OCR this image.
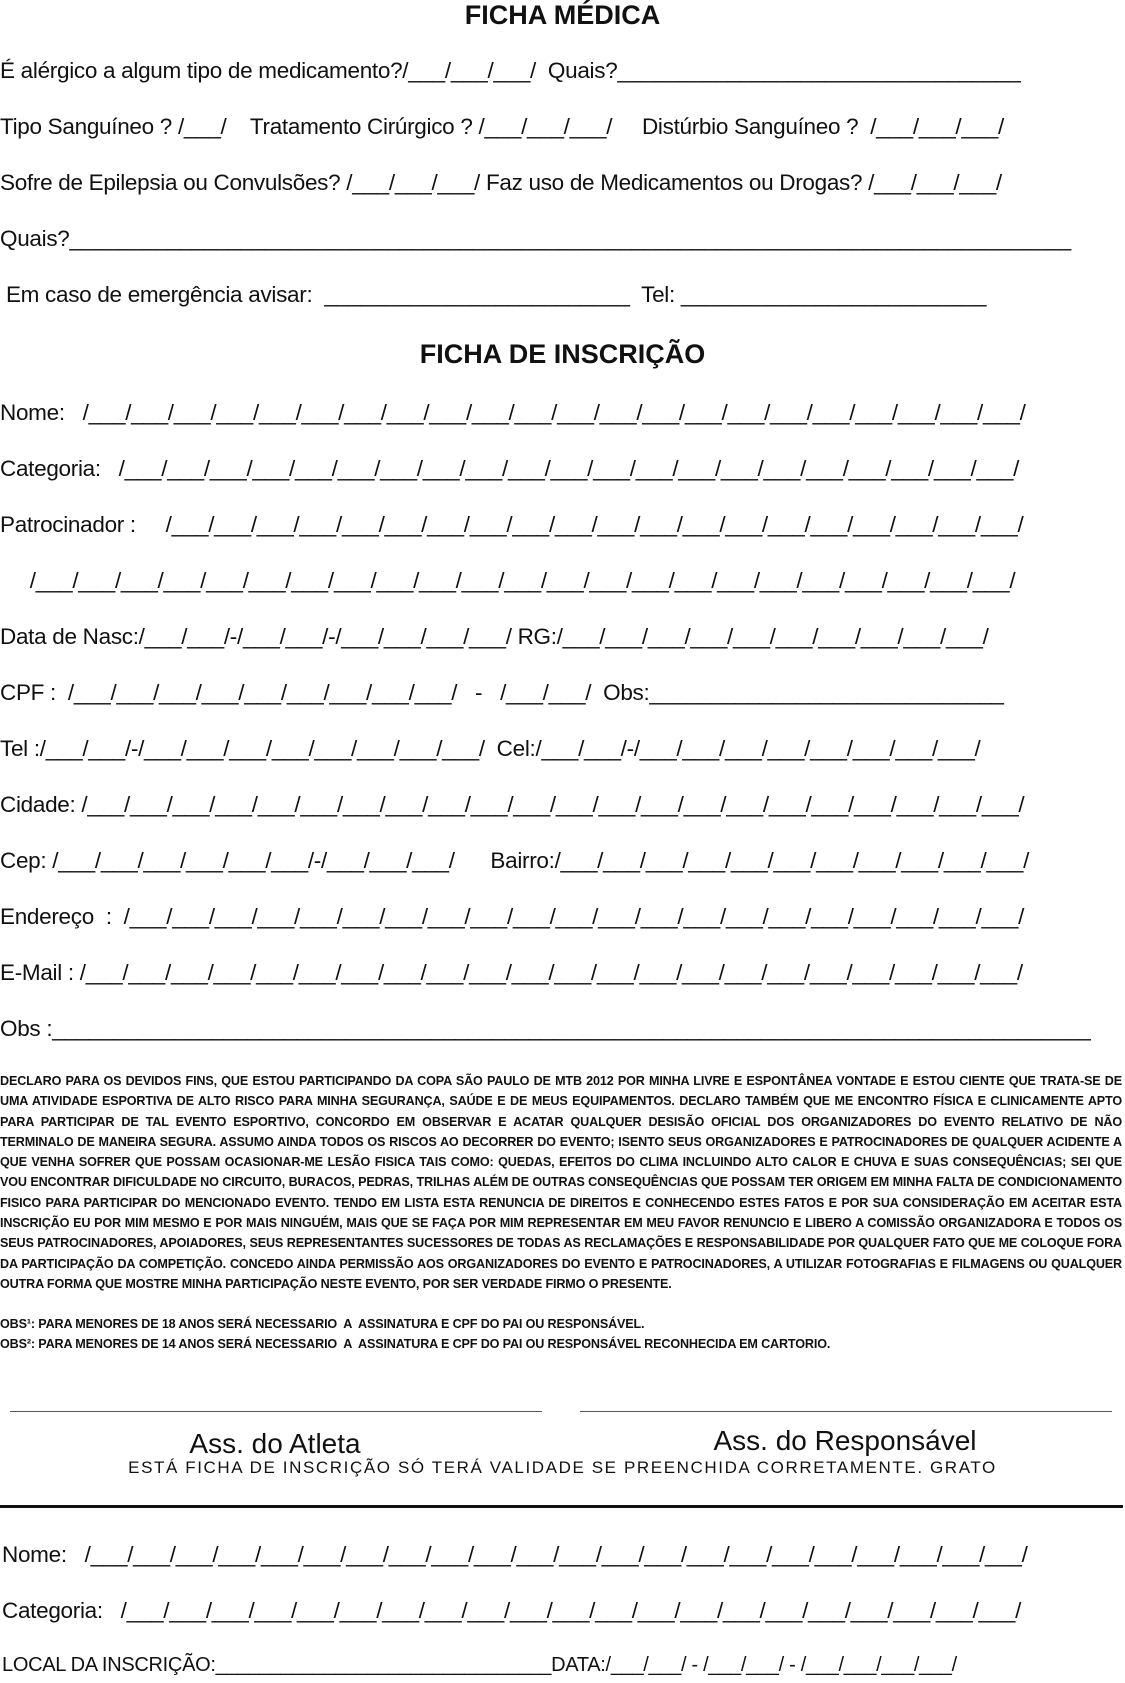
FICHA MÉDICA
É alérgico a algum tipo de medicamento?/___/___/___/  Quais?_________________________________
Tipo Sanguíneo ? /___/    Tratamento Cirúrgico ? /___/___/___/     Distúrbio Sanguíneo ?  /___/___/___/
Sofre de Epilepsia ou Convulsões? /___/___/___/ Faz uso de Medicamentos ou Drogas? /___/___/___/
Quais?__________________________________________________________________________________
Em caso de emergência avisar:  _________________________  Tel: _________________________
FICHA DE INSCRIÇÃO
Nome:   /___/___/___/___/___/___/___/___/___/___/___/___/___/___/___/___/___/___/___/___/___/___/
Categoria:   /___/___/___/___/___/___/___/___/___/___/___/___/___/___/___/___/___/___/___/___/___/
Patrocinador :     /___/___/___/___/___/___/___/___/___/___/___/___/___/___/___/___/___/___/___/___/
/___/___/___/___/___/___/___/___/___/___/___/___/___/___/___/___/___/___/___/___/___/___/___/
Data de Nasc:/___/___/-/___/___/-/___/___/___/___/ RG:/___/___/___/___/___/___/___/___/___/___/
CPF :  /___/___/___/___/___/___/___/___/___/   -   /___/___/  Obs:_____________________________
Tel :/___/___/-/___/___/___/___/___/___/___/___/  Cel:/___/___/-/___/___/___/___/___/___/___/___/
Cidade: /___/___/___/___/___/___/___/___/___/___/___/___/___/___/___/___/___/___/___/___/___/___/
Cep: /___/___/___/___/___/___/-/___/___/___/      Bairro:/___/___/___/___/___/___/___/___/___/___/___/
Endereço  :  /___/___/___/___/___/___/___/___/___/___/___/___/___/___/___/___/___/___/___/___/___/
E-Mail : /___/___/___/___/___/___/___/___/___/___/___/___/___/___/___/___/___/___/___/___/___/___/
Obs :_____________________________________________________________________________________

DECLARO PARA OS DEVIDOS FINS, QUE ESTOU PARTICIPANDO DA COPA SÃO PAULO DE MTB 2012 POR MINHA LIVRE E ESPONTÂNEA VONTADE E ESTOU CIENTE QUE TRATA-SE DE UMA ATIVIDADE ESPORTIVA DE ALTO RISCO PARA MINHA SEGURANÇA, SAÚDE E DE MEUS EQUIPAMENTOS. DECLARO TAMBÉM QUE ME ENCONTRO FÍSICA E CLINICAMENTE APTO PARA PARTICIPAR DE TAL EVENTO ESPORTIVO, CONCORDO EM OBSERVAR E ACATAR QUALQUER DESISÃO OFICIAL DOS ORGANIZADORES DO EVENTO RELATIVO DE NÃO TERMINALO DE MANEIRA SEGURA. ASSUMO AINDA TODOS OS RISCOS AO DECORRER DO EVENTO; ISENTO SEUS ORGANIZADORES E PATROCINADORES DE QUALQUER ACIDENTE A QUE VENHA SOFRER QUE POSSAM OCASIONAR-ME LESÃO FISICA TAIS COMO: QUEDAS, EFEITOS DO CLIMA INCLUINDO ALTO CALOR E CHUVA E SUAS CONSEQUÊNCIAS; SEI QUE VOU ENCONTRAR DIFICULDADE NO CIRCUITO, BURACOS, PEDRAS, TRILHAS ALÉM DE OUTRAS CONSEQUÊNCIAS QUE POSSAM TER ORIGEM EM MINHA FALTA DE CONDICIONAMENTO FISICO PARA PARTICIPAR DO MENCIONADO EVENTO. TENDO EM LISTA ESTA RENUNCIA DE DIREITOS E CONHECENDO ESTES FATOS E POR SUA CONSIDERAÇÃO EM ACEITAR ESTA INSCRIÇÃO EU POR MIM MESMO E POR MAIS NINGUÉM, MAIS QUE SE FAÇA POR MIM REPRESENTAR EM MEU FAVOR RENUNCIO E LIBERO A COMISSÃO ORGANIZADORA E TODOS OS SEUS PATROCINADORES, APOIADORES, SEUS REPRESENTANTES SUCESSORES DE TODAS AS RECLAMAÇÕES E RESPONSABILIDADE POR QUALQUER FATO QUE ME COLOQUE FORA DA PARTICIPAÇÃO DA COMPETIÇÃO. CONCEDO AINDA PERMISSÃO AOS ORGANIZADORES DO EVENTO E PATROCINADORES, A UTILIZAR FOTOGRAFIAS E FILMAGENS OU QUALQUER OUTRA FORMA QUE MOSTRE MINHA PARTICIPAÇÃO NESTE EVENTO, POR SER VERDADE FIRMO O PRESENTE.

OBS¹: PARA MENORES DE 18 ANOS SERÁ NECESSARIO  A  ASSINATURA E CPF DO PAI OU RESPONSÁVEL.
OBS²: PARA MENORES DE 14 ANOS SERÁ NECESSARIO  A  ASSINATURA E CPF DO PAI OU RESPONSÁVEL RECONHECIDA EM CARTORIO.
Ass. do Atleta	Ass. do Responsável
ESTÁ FICHA DE INSCRIÇÃO SÓ TERÁ VALIDADE SE PREENCHIDA CORRETAMENTE. GRATO
Nome:   /___/___/___/___/___/___/___/___/___/___/___/___/___/___/___/___/___/___/___/___/___/___/
Categoria:   /___/___/___/___/___/___/___/___/___/___/___/___/___/___/___/___/___/___/___/___/___/
LOCAL DA INSCRIÇÃO:_______________________________DATA:/___/___/ - /___/___/ - /___/___/___/___/
